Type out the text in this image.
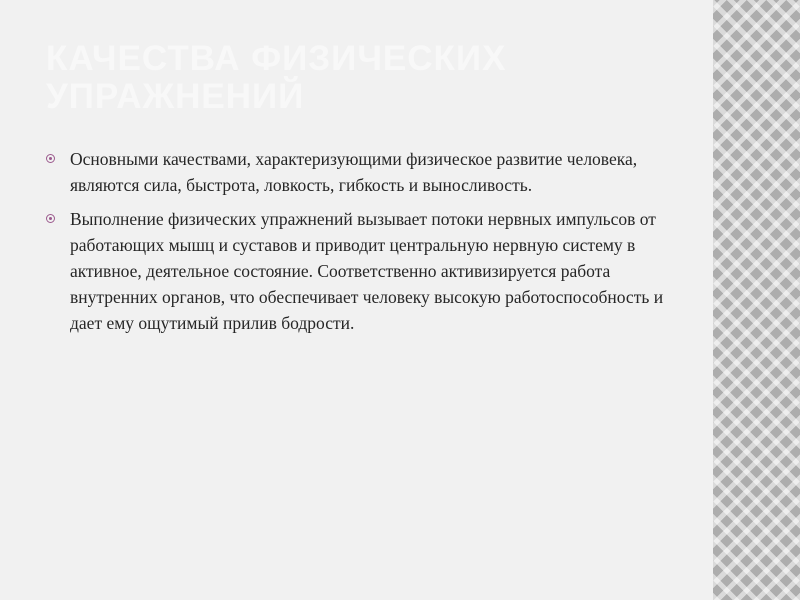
КАЧЕСТВА ФИЗИЧЕСКИХ УПРАЖНЕНИЙ
Основными качествами, характеризующими физическое развитие человека, являются сила, быстрота, ловкость, гибкость и выносливость.
Выполнение физических упражнений вызывает потоки нервных импульсов от работающих мышц и суставов и приводит центральную нервную систему в активное, деятельное состояние. Соответственно активизируется работа внутренних органов, что обеспечивает человеку высокую работоспособность и дает ему ощутимый прилив бодрости.
